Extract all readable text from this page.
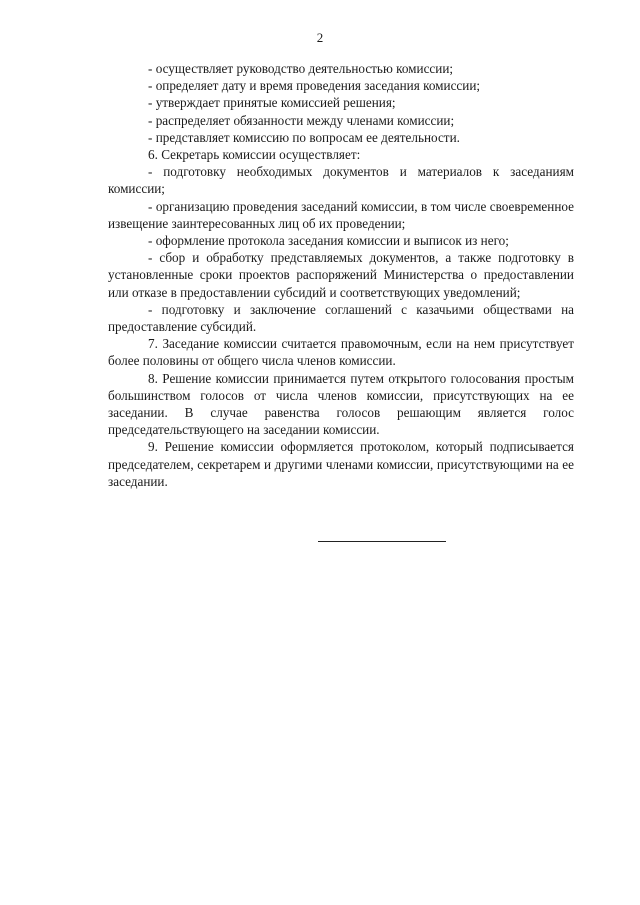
2

- осуществляет руководство деятельностью комиссии;

- определяет дату и время проведения заседания комиссии;

- утверждает принятые комиссией решения;

- распределяет обязанности между членами комиссии;

- представляет комиссию по вопросам ее деятельности.

6. Секретарь комиссии осуществляет:

- подготовку необходимых документов и материалов к заседаниям комиссии;

- организацию проведения заседаний комиссии, в том числе своевременное извещение заинтересованных лиц об их проведении;

- оформление протокола заседания комиссии и выписок из него;

- сбор и обработку представляемых документов, а также подготовку в установленные сроки проектов распоряжений Министерства о предоставлении или отказе в предоставлении субсидий и соответствующих уведомлений;

- подготовку и заключение соглашений с казачьими обществами на предоставление субсидий.

7. Заседание комиссии считается правомочным, если на нем присутствует более половины от общего числа членов комиссии.

8. Решение комиссии принимается путем открытого голосования простым большинством голосов от числа членов комиссии, присутствующих на ее заседании. В случае равенства голосов решающим является голос председательствующего на заседании комиссии.

9. Решение комиссии оформляется протоколом, который подписывается председателем, секретарем и другими членами комиссии, присутствующими на ее заседании.
